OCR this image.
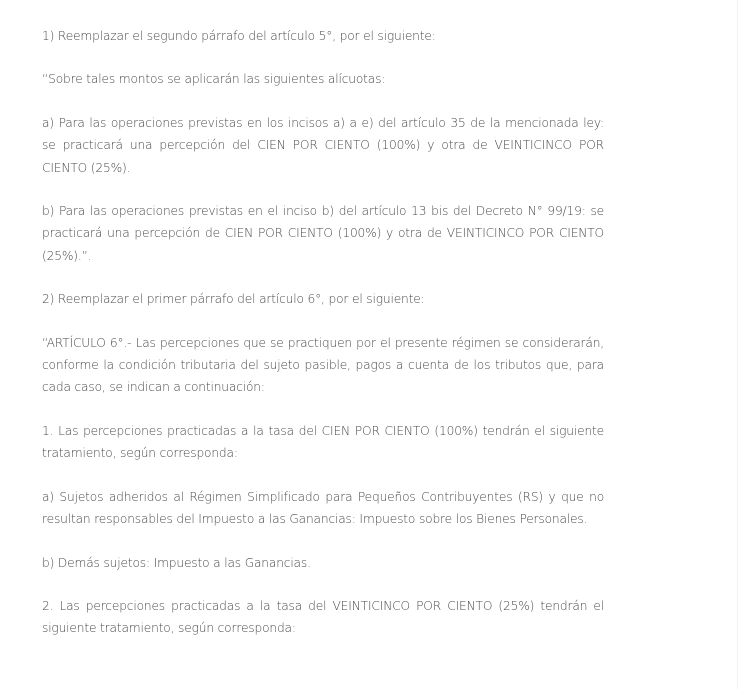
1) Reemplazar el segundo párrafo del artículo 5°, por el siguiente:

“Sobre tales montos se aplicarán las siguientes alícuotas:

a) Para las operaciones previstas en los incisos a) a e) del artículo 35 de la mencionada ley: se practicará una percepción del CIEN POR CIENTO (100%) y otra de VEINTICINCO POR CIENTO (25%).

b) Para las operaciones previstas en el inciso b) del artículo 13 bis del Decreto N° 99/19: se practicará una percepción de CIEN POR CIENTO (100%) y otra de VEINTICINCO POR CIENTO (25%).”.

2) Reemplazar el primer párrafo del artículo 6°, por el siguiente:

“ARTÍCULO 6°.- Las percepciones que se practiquen por el presente régimen se considerarán, conforme la condición tributaria del sujeto pasible, pagos a cuenta de los tributos que, para cada caso, se indican a continuación:

1. Las percepciones practicadas a la tasa del CIEN POR CIENTO (100%) tendrán el siguiente tratamiento, según corresponda:

a) Sujetos adheridos al Régimen Simplificado para Pequeños Contribuyentes (RS) y que no resultan responsables del Impuesto a las Ganancias: Impuesto sobre los Bienes Personales.

b) Demás sujetos: Impuesto a las Ganancias.

2. Las percepciones practicadas a la tasa del VEINTICINCO POR CIENTO (25%) tendrán el siguiente tratamiento, según corresponda:
